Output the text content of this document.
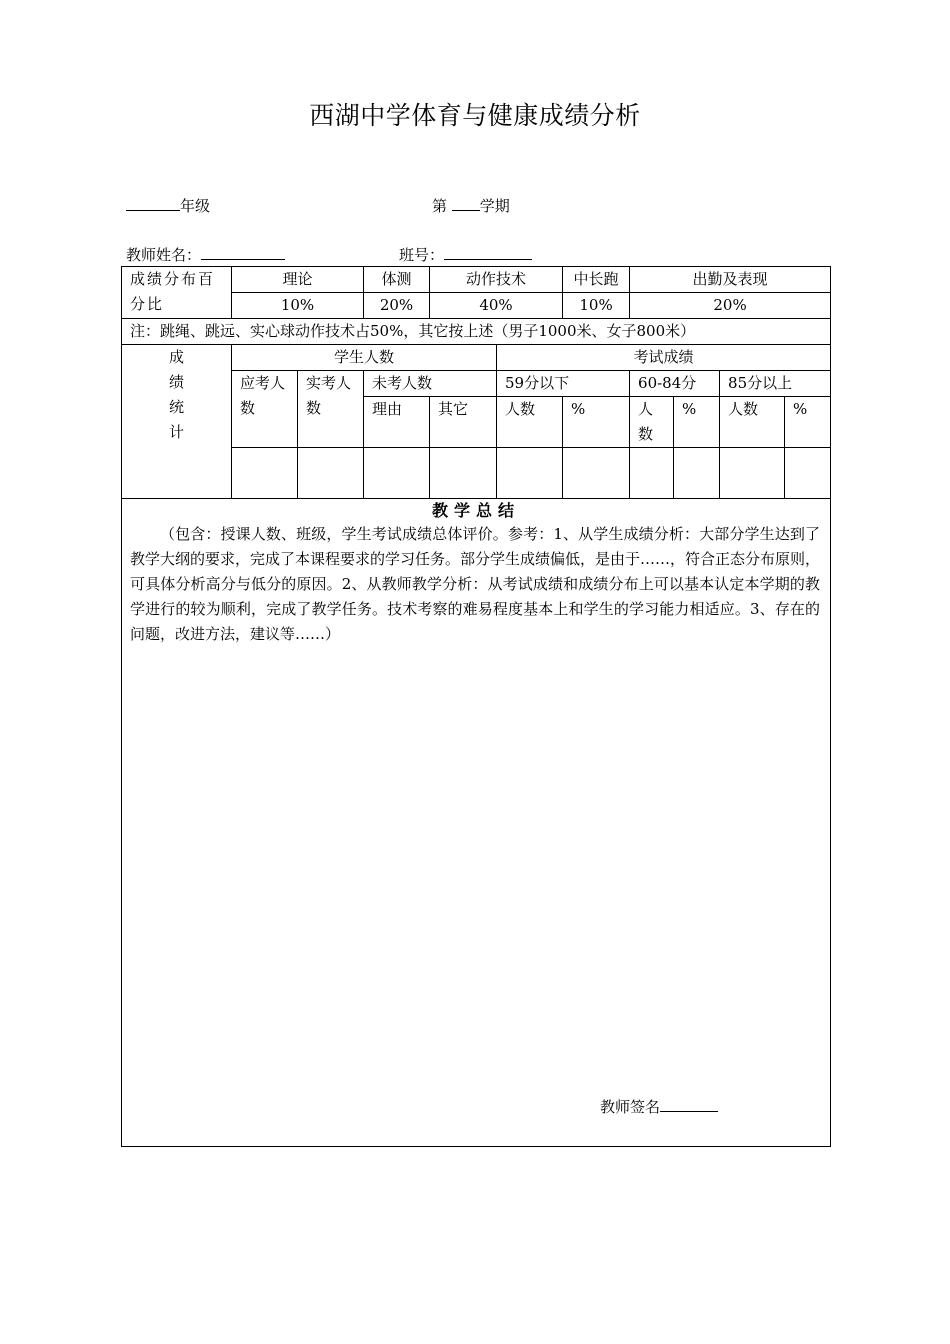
西湖中学体育与健康成绩分析
年级	第 学期
教师姓名：	班号：
成绩分布百
分比	理论		体测	动作技术		中长跑	出勤及表现			
	10%		20%	40%		10%	20%			
注：跳绳、跳远、实心球动作技术占50%，其它按上述（男子1000米、女子800米）										

成
绩
统
计	学生人数				考试成绩					
	应考人数	实考人数	未考人数		59分以下		60-84分		85分以上	
			理由	其它	人数	%	人数	%	人数	%

教学总结
（包含：授课人数、班级，学生考试成绩总体评价。参考：1、从学生成绩分析：大部分学生达到了教学大纲的要求，完成了本课程要求的学习任务。部分学生成绩偏低，是由于……，符合正态分布原则，可具体分析高分与低分的原因。2、从教师教学分析：从考试成绩和成绩分布上可以基本认定本学期的教学进行的较为顺利，完成了教学任务。技术考察的难易程度基本上和学生的学习能力相适应。3、存在的问题，改进方法，建议等……）
教师签名										
